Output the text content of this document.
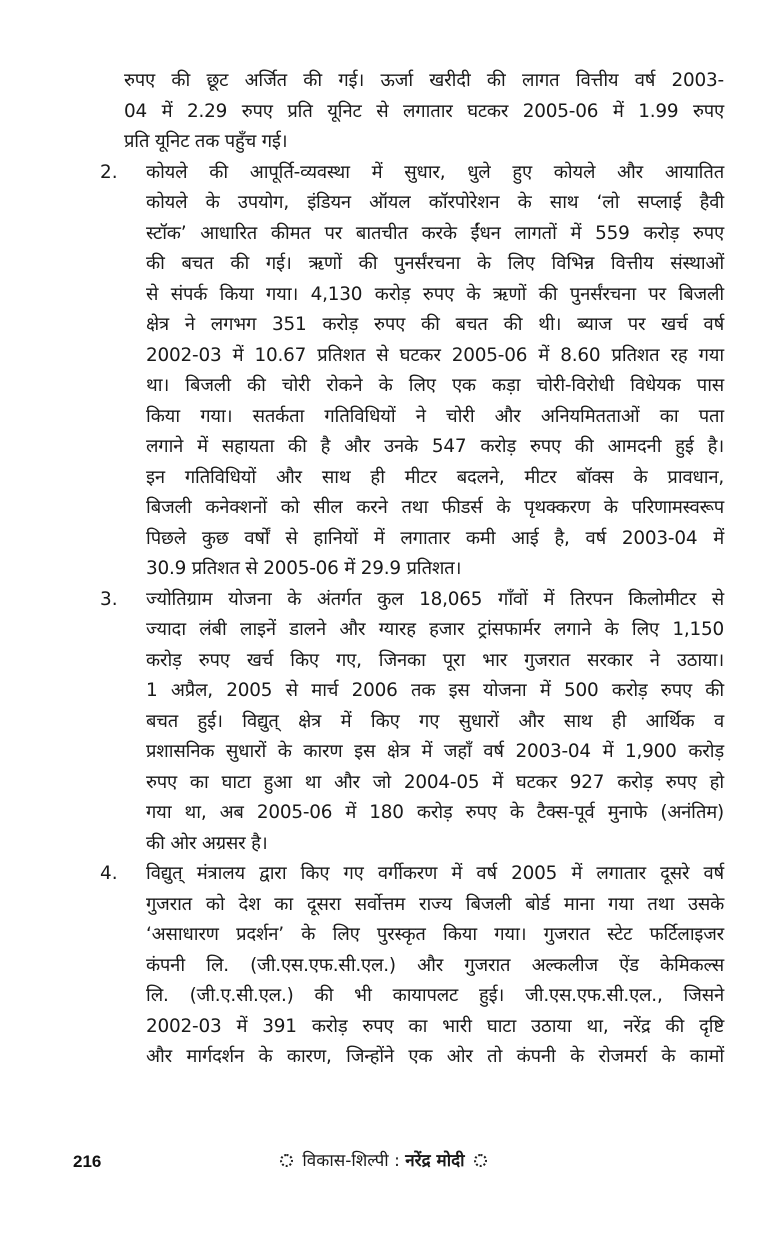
रुपए की छूट अर्जित की गई। ऊर्जा खरीदी की लागत वित्तीय वर्ष 2003-
04 में 2.29 रुपए प्रति यूनिट से लगातार घटकर 2005-06 में 1.99 रुपए
प्रति यूनिट तक पहुँच गई।
2.	कोयले की आपूर्ति-व्यवस्था में सुधार, धुले हुए कोयले और आयातित
कोयले के उपयोग, इंडियन ऑयल कॉरपोरेशन के साथ ‘लो सप्लाई हैवी
स्टॉक’ आधारित कीमत पर बातचीत करके ईंधन लागतों में 559 करोड़ रुपए
की बचत की गई। ऋणों की पुनर्संरचना के लिए विभिन्न वित्तीय संस्थाओं
से संपर्क किया गया। 4,130 करोड़ रुपए के ऋणों की पुनर्संरचना पर बिजली
क्षेत्र ने लगभग 351 करोड़ रुपए की बचत की थी। ब्याज पर खर्च वर्ष
2002-03 में 10.67 प्रतिशत से घटकर 2005-06 में 8.60 प्रतिशत रह गया
था। बिजली की चोरी रोकने के लिए एक कड़ा चोरी-विरोधी विधेयक पास
किया गया। सतर्कता गतिविधियों ने चोरी और अनियमितताओं का पता
लगाने में सहायता की है और उनके 547 करोड़ रुपए की आमदनी हुई है।
इन गतिविधियों और साथ ही मीटर बदलने, मीटर बॉक्स के प्रावधान,
बिजली कनेक्शनों को सील करने तथा फीडर्स के पृथक्करण के परिणामस्वरूप
पिछले कुछ वर्षों से हानियों में लगातार कमी आई है, वर्ष 2003-04 में
30.9 प्रतिशत से 2005-06 में 29.9 प्रतिशत।
3.	ज्योतिग्राम योजना के अंतर्गत कुल 18,065 गाँवों में तिरपन किलोमीटर से
ज्यादा लंबी लाइनें डालने और ग्यारह हजार ट्रांसफार्मर लगाने के लिए 1,150
करोड़ रुपए खर्च किए गए, जिनका पूरा भार गुजरात सरकार ने उठाया।
1 अप्रैल, 2005 से मार्च 2006 तक इस योजना में 500 करोड़ रुपए की
बचत हुई। विद्युत् क्षेत्र में किए गए सुधारों और साथ ही आर्थिक व
प्रशासनिक सुधारों के कारण इस क्षेत्र में जहाँ वर्ष 2003-04 में 1,900 करोड़
रुपए का घाटा हुआ था और जो 2004-05 में घटकर 927 करोड़ रुपए हो
गया था, अब 2005-06 में 180 करोड़ रुपए के टैक्स-पूर्व मुनाफे (अनंतिम)
की ओर अग्रसर है।
4.	विद्युत् मंत्रालय द्वारा किए गए वर्गीकरण में वर्ष 2005 में लगातार दूसरे वर्ष
गुजरात को देश का दूसरा सर्वोत्तम राज्य बिजली बोर्ड माना गया तथा उसके
‘असाधारण प्रदर्शन’ के लिए पुरस्कृत किया गया। गुजरात स्टेट फर्टिलाइजर
कंपनी लि. (जी.एस.एफ.सी.एल.) और गुजरात अल्कलीज ऐंड केमिकल्स
लि. (जी.ए.सी.एल.) की भी कायापलट हुई। जी.एस.एफ.सी.एल., जिसने
2002-03 में 391 करोड़ रुपए का भारी घाटा उठाया था, नरेंद्र की दृष्टि
और मार्गदर्शन के कारण, जिन्होंने एक ओर तो कंपनी के रोजमर्रा के कामों
216	विकास-शिल्पी : नरेंद्र मोदी
